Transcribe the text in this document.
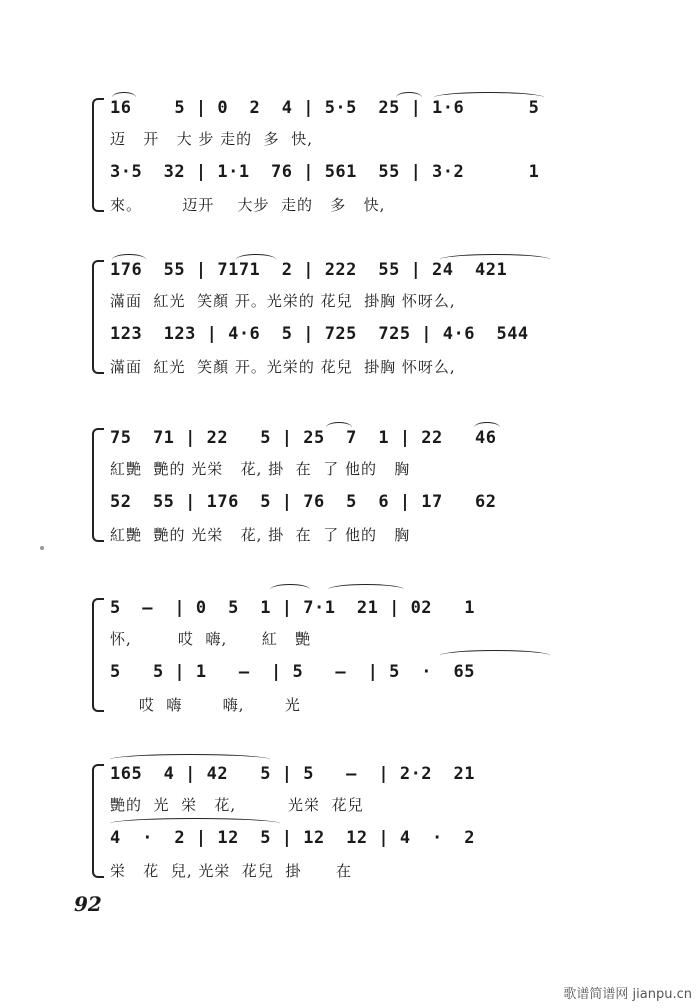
16    5 | 0  2  4 | 5·5  25 | 1·6      5
迈   开   大 步 走的  多  快,
3·5  32 | 1·1  76 | 561  55 | 3·2      1
來。       迈开    大步  走的   多   快,
176  55 | 7171  2 | 222  55 | 24  421
滿面  紅光  笑顏 开。光栄的 花兒  掛胸 怀呀么,
123  123 | 4·6  5 | 725  725 | 4·6  544
滿面  紅光  笑顏 开。光栄的 花兒  掛胸 怀呀么,
75  71 | 22   5 | 25  7  1 | 22   46
紅艷  艷的 光栄   花, 掛  在  了 他的   胸
52  55 | 176  5 | 76  5  6 | 17   62
紅艷  艷的 光栄   花, 掛  在  了 他的   胸
5  —  | 0  5  1 | 7·1  21 | 02   1
怀,        哎  嗨,      紅   艷
5   5 | 1   —  | 5   —  | 5  ·  65
哎  嗨       嗨,       光
165  4 | 42   5 | 5   —  | 2·2  21
艷的  光  栄   花,         光栄  花兒
4  ·  2 | 12  5 | 12  12 | 4  ·  2
栄   花  兒, 光栄  花兒  掛      在
92
歌谱简谱网 jianpu.cn
